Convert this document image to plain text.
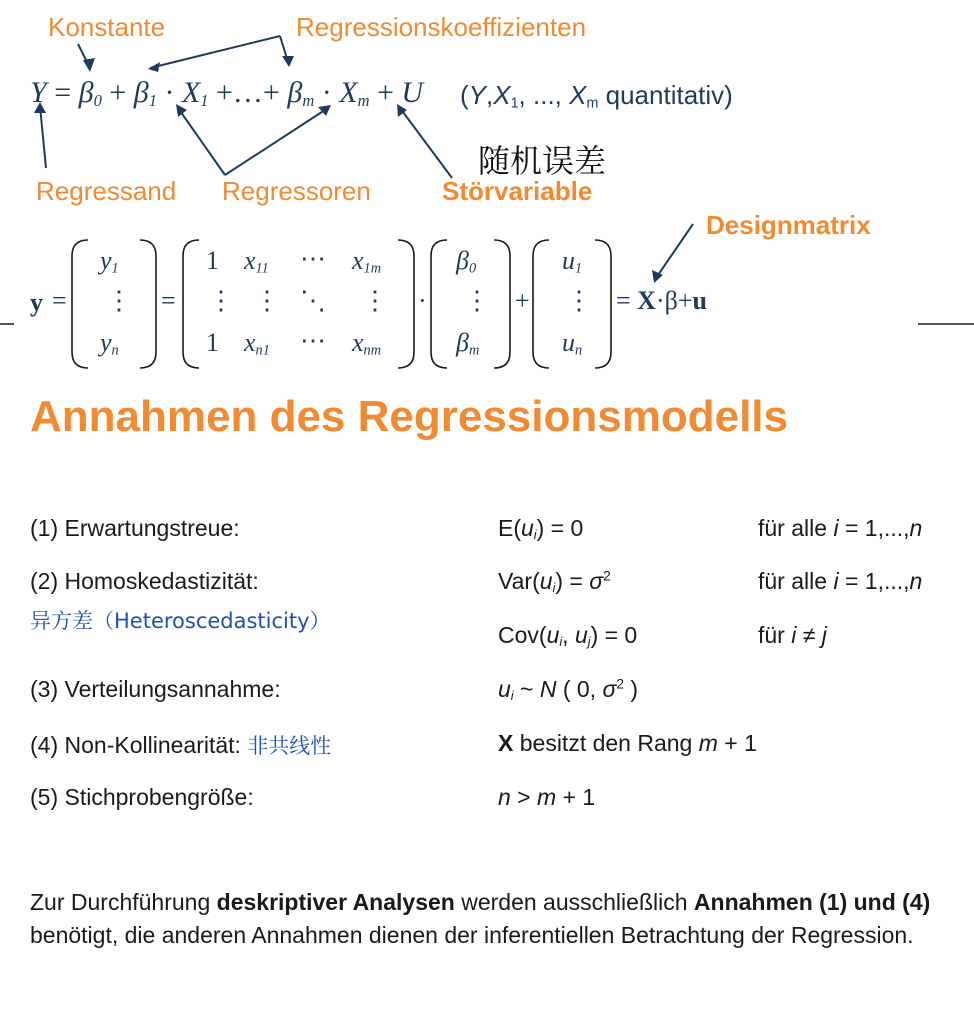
Konstante	Regressionskoeffizienten
$Y = \beta_0 + \beta_1 \cdot X_1$ +…+ $\beta_m \cdot X_m + U$ ($Y,X_1$, ..., $X_m$ quantitativ)
随机误差
Regressand Regressoren	Störvariable
Designmatrix
y =
$y_1$
⋮
$y_n$
=
1 $x_{11}$ ⋯ $x_{1m}$
⋮ ⋮ ⋱ ⋮
1 $x_{n1}$ ⋯ $x_{nm}$
·
$\beta_0$
⋮
$\beta_m$
+
$u_1$
⋮
$u_n$
= X·β+u
Annahmen des Regressionsmodells
(1) Erwartungstreue:	$E(u_i) = 0$	für alle i = 1,...,n
(2) Homoskedastizität:	$Var(u_i) = \sigma^2$	für alle i = 1,...,n
异方差（Heteroscedasticity）
$Cov(u_i$, $u_j) = 0$	für i ≠ j
(3) Verteilungsannahme:	$u_i$ ~ N ( 0, $\sigma^2$ )
(4) Non-Kollinearität: 非共线性	X besitzt den Rang m + 1
(5) Stichprobengröße:	n > m + 1
Zur Durchführung deskriptiver Analysen werden ausschließlich Annahmen (1) und (4) benötigt, die anderen Annahmen dienen der inferentiellen Betrachtung der Regression.
